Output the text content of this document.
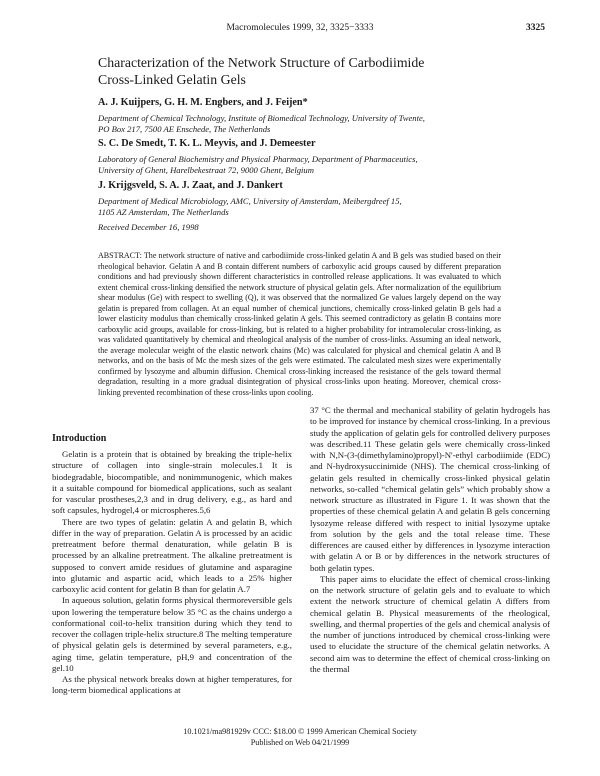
Macromolecules 1999, 32, 3325−3333	3325
Characterization of the Network Structure of Carbodiimide
Cross-Linked Gelatin Gels
A. J. Kuijpers, G. H. M. Engbers, and J. Feijen*
Department of Chemical Technology, Institute of Biomedical Technology, University of Twente,
PO Box 217, 7500 AE Enschede, The Netherlands
S. C. De Smedt, T. K. L. Meyvis, and J. Demeester
Laboratory of General Biochemistry and Physical Pharmacy, Department of Pharmaceutics,
University of Ghent, Harelbekestraat 72, 9000 Ghent, Belgium
J. Krijgsveld, S. A. J. Zaat, and J. Dankert
Department of Medical Microbiology, AMC, University of Amsterdam, Meibergdreef 15,
1105 AZ Amsterdam, The Netherlands
Received December 16, 1998
ABSTRACT: The network structure of native and carbodiimide cross-linked gelatin A and B gels was studied based on their rheological behavior. Gelatin A and B contain different numbers of carboxylic acid groups caused by different preparation conditions and had previously shown different characteristics in controlled release applications. It was evaluated to which extent chemical cross-linking densified the network structure of physical gelatin gels. After normalization of the equilibrium shear modulus (Ge) with respect to swelling (Q), it was observed that the normalized Ge values largely depend on the way gelatin is prepared from collagen. At an equal number of chemical junctions, chemically cross-linked gelatin B gels had a lower elasticity modulus than chemically cross-linked gelatin A gels. This seemed contradictory as gelatin B contains more carboxylic acid groups, available for cross-linking, but is related to a higher probability for intramolecular cross-linking, as was validated quantitatively by chemical and rheological analysis of the number of cross-links. Assuming an ideal network, the average molecular weight of the elastic network chains (Mc) was calculated for physical and chemical gelatin A and B networks, and on the basis of Mc the mesh sizes of the gels were estimated. The calculated mesh sizes were experimentally confirmed by lysozyme and albumin diffusion. Chemical cross-linking increased the resistance of the gels toward thermal degradation, resulting in a more gradual disintegration of physical cross-links upon heating. Moreover, chemical cross-linking prevented recombination of these cross-links upon cooling.
Introduction

Gelatin is a protein that is obtained by breaking the triple-helix structure of collagen into single-strain molecules.1 It is biodegradable, biocompatible, and nonimmunogenic, which makes it a suitable compound for biomedical applications, such as sealant for vascular prostheses,2,3 and in drug delivery, e.g., as hard and soft capsules, hydrogel,4 or microspheres.5,6

There are two types of gelatin: gelatin A and gelatin B, which differ in the way of preparation. Gelatin A is processed by an acidic pretreatment before thermal denaturation, while gelatin B is processed by an alkaline pretreatment. The alkaline pretreatment is supposed to convert amide residues of glutamine and asparagine into glutamic and aspartic acid, which leads to a 25% higher carboxylic acid content for gelatin B than for gelatin A.7

In aqueous solution, gelatin forms physical thermoreversible gels upon lowering the temperature below 35 °C as the chains undergo a conformational coil-to-helix transition during which they tend to recover the collagen triple-helix structure.8 The melting temperature of physical gelatin gels is determined by several parameters, e.g., aging time, gelatin temperature, pH,9 and concentration of the gel.10

As the physical network breaks down at higher temperatures, for long-term biomedical applications at

37 °C the thermal and mechanical stability of gelatin hydrogels has to be improved for instance by chemical cross-linking. In a previous study the application of gelatin gels for controlled delivery purposes was described.11 These gelatin gels were chemically cross-linked with N,N-(3-(dimethylamino)propyl)-N'-ethyl carbodiimide (EDC) and N-hydroxysuccinimide (NHS). The chemical cross-linking of gelatin gels resulted in chemically cross-linked physical gelatin networks, so-called “chemical gelatin gels” which probably show a network structure as illustrated in Figure 1. It was shown that the properties of these chemical gelatin A and gelatin B gels concerning lysozyme release differed with respect to initial lysozyme uptake from solution by the gels and the total release time. These differences are caused either by differences in lysozyme interaction with gelatin A or B or by differences in the network structures of both gelatin types.

This paper aims to elucidate the effect of chemical cross-linking on the network structure of gelatin gels and to evaluate to which extent the network structure of chemical gelatin A differs from chemical gelatin B. Physical measurements of the rheological, swelling, and thermal properties of the gels and chemical analysis of the number of junctions introduced by chemical cross-linking were used to elucidate the structure of the chemical gelatin networks. A second aim was to determine the effect of chemical cross-linking on the thermal

10.1021/ma981929v CCC: $18.00 © 1999 American Chemical Society
Published on Web 04/21/1999
